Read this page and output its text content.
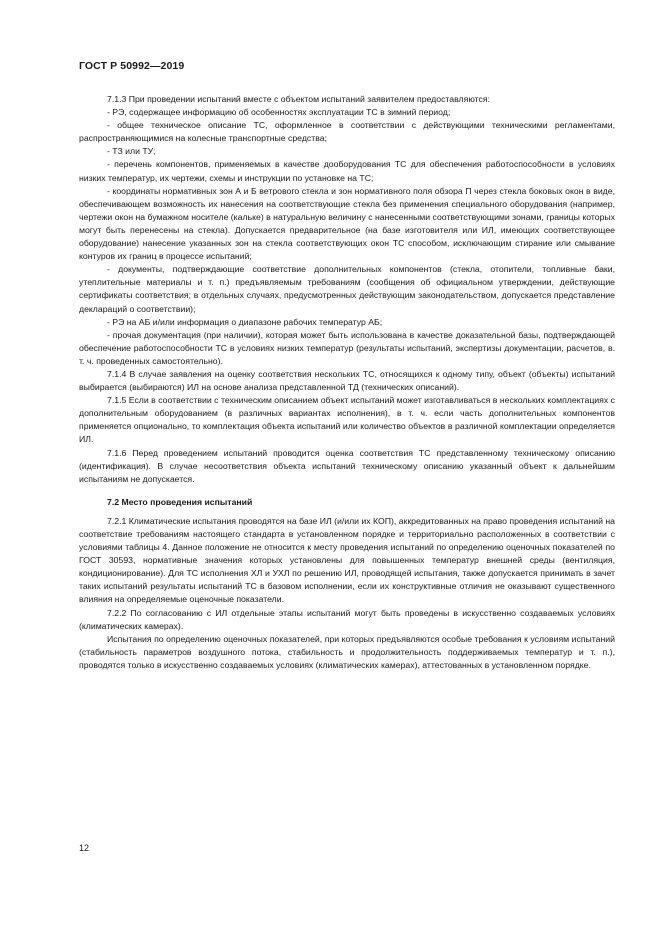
ГОСТ Р 50992—2019

7.1.3 При проведении испытаний вместе с объектом испытаний заявителем предоставляются:

- РЭ, содержащее информацию об особенностях эксплуатации ТС в зимний период;

- общее техническое описание ТС, оформленное в соответствии с действующими техническими регламентами, распространяющимися на колесные транспортные средства;

- ТЗ или ТУ;

- перечень компонентов, применяемых в качестве дооборудования ТС для обеспечения работоспособности в условиях низких температур, их чертежи, схемы и инструкции по установке на ТС;

- координаты нормативных зон А и Б ветрового стекла и зон нормативного поля обзора П через стекла боковых окон в виде, обеспечивающем возможность их нанесения на соответствующие стекла без применения специального оборудования (например, чертежи окон на бумажном носителе (кальке) в натуральную величину с нанесенными соответствующими зонами, границы которых могут быть перенесены на стекла). Допускается предварительное (на базе изготовителя или ИЛ, имеющих соответствующее оборудование) нанесение указанных зон на стекла соответствующих окон ТС способом, исключающим стирание или смывание контуров их границ в процессе испытаний;

- документы, подтверждающие соответствие дополнительных компонентов (стекла, отопители, топливные баки, утеплительные материалы и т. п.) предъявляемым требованиям (сообщения об официальном утверждении, действующие сертификаты соответствия; в отдельных случаях, предусмотренных действующим законодательством, допускается представление деклараций о соответствии);

- РЭ на АБ и/или информация о диапазоне рабочих температур АБ;

- прочая документация (при наличии), которая может быть использована в качестве доказательной базы, подтверждающей обеспечение работоспособности ТС в условиях низких температур (результаты испытаний, экспертизы документации, расчетов, в. т. ч. проведенных самостоятельно).

7.1.4 В случае заявления на оценку соответствия нескольких ТС, относящихся к одному типу, объект (объекты) испытаний выбирается (выбираются) ИЛ на основе анализа представленной ТД (технических описаний).

7.1.5 Если в соответствии с техническим описанием объект испытаний может изготавливаться в нескольких комплектациях с дополнительным оборудованием (в различных вариантах исполнения), в т. ч. если часть дополнительных компонентов применяется опционально, то комплектация объекта испытаний или количество объектов в различной комплектации определяется ИЛ.

7.1.6 Перед проведением испытаний проводится оценка соответствия ТС представленному техническому описанию (идентификация). В случае несоответствия объекта испытаний техническому описанию указанный объект к дальнейшим испытаниям не допускается.

7.2 Место проведения испытаний

7.2.1 Климатические испытания проводятся на базе ИЛ (и/или их КОП), аккредитованных на право проведения испытаний на соответствие требованиям настоящего стандарта в установленном порядке и территориально расположенных в соответствии с условиями таблицы 4. Данное положение не относится к месту проведения испытаний по определению оценочных показателей по ГОСТ 30593, нормативные значения которых установлены для повышенных температур внешней среды (вентиляция, кондиционирование). Для ТС исполнения ХЛ и УХЛ по решению ИЛ, проводящей испытания, также допускается принимать в зачет таких испытаний результаты испытаний ТС в базовом исполнении, если их конструктивные отличия не оказывают существенного влияния на определяемые оценочные показатели.

7.2.2 По согласованию с ИЛ отдельные этапы испытаний могут быть проведены в искусственно создаваемых условиях (климатических камерах).

Испытания по определению оценочных показателей, при которых предъявляются особые требования к условиям испытаний (стабильность параметров воздушного потока, стабильность и продолжительность поддерживаемых температур и т. п.), проводятся только в искусственно создаваемых условиях (климатических камерах), аттестованных в установленном порядке.

12
